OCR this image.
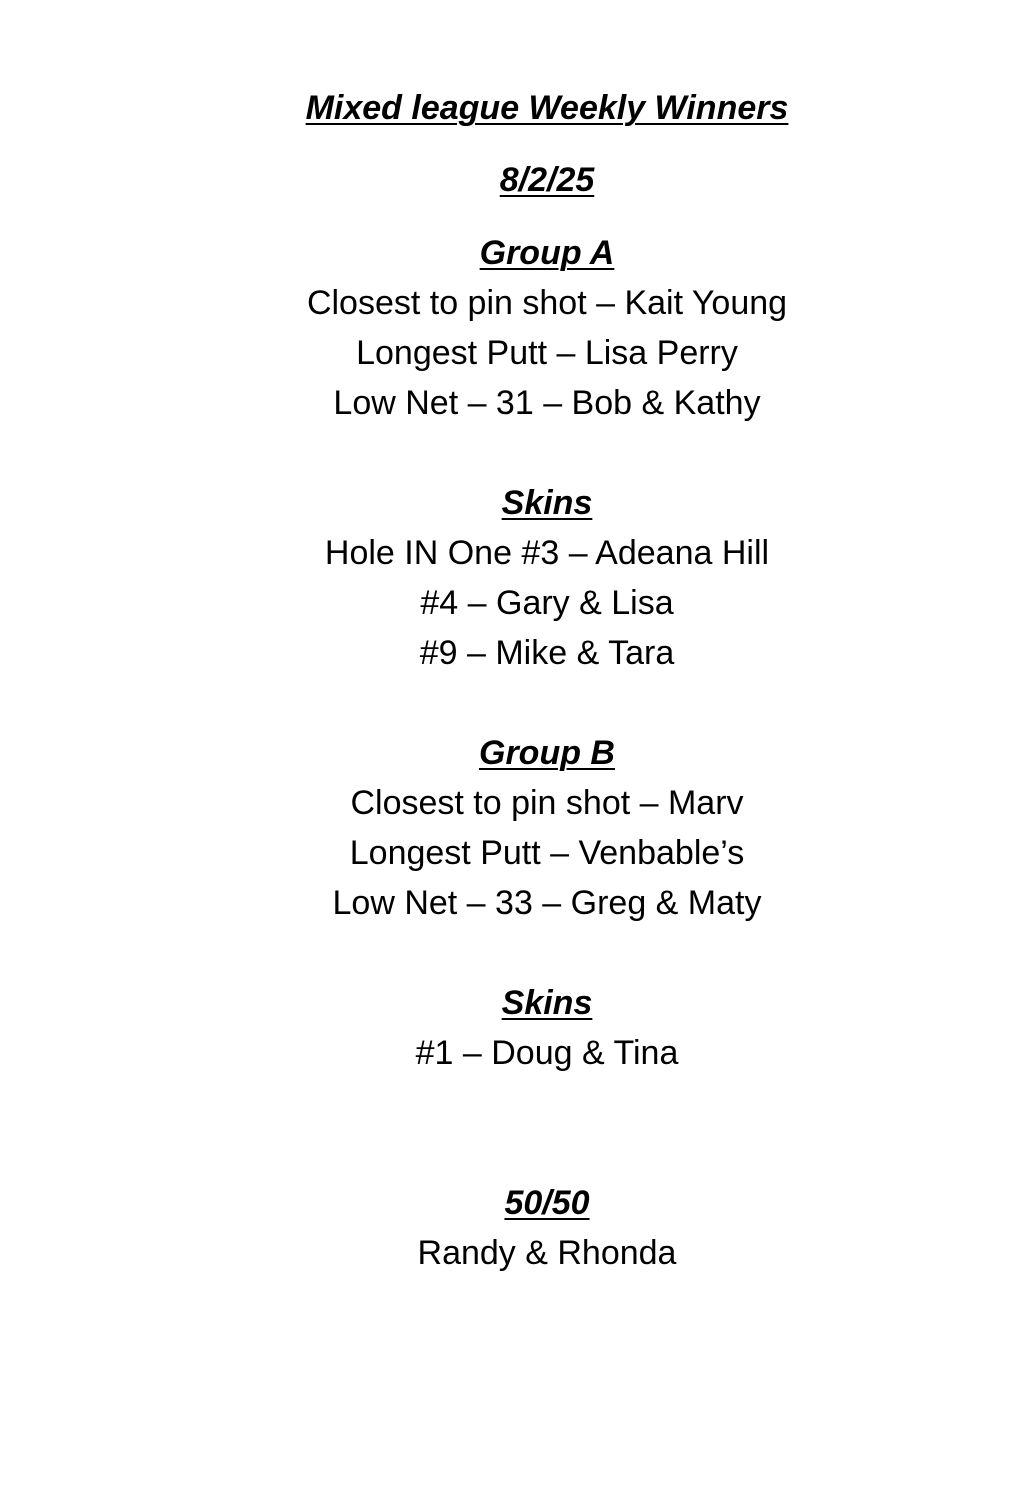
Mixed league Weekly Winners
8/2/25
Group A
Closest to pin shot – Kait Young
Longest Putt – Lisa Perry
Low Net – 31 – Bob & Kathy
Skins
Hole IN One #3 – Adeana Hill
#4 – Gary & Lisa
#9 – Mike & Tara
Group B
Closest to pin shot – Marv
Longest Putt – Venbable’s
Low Net – 33 – Greg & Maty
Skins
#1 – Doug & Tina
50/50
Randy & Rhonda
